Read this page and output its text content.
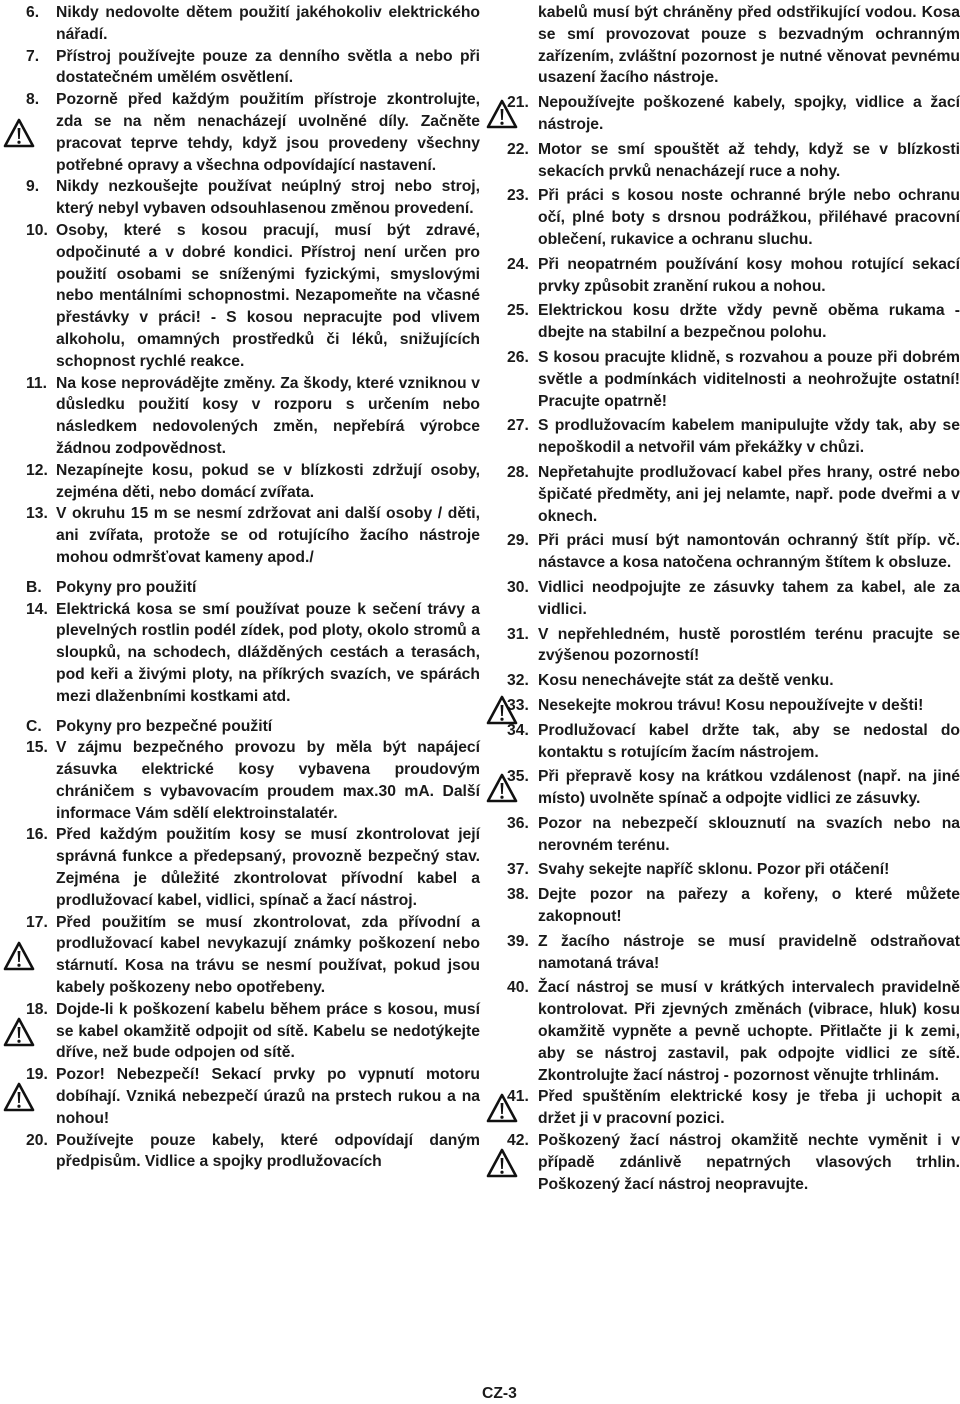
6. Nikdy nedovolte dětem použití jakéhokoliv elektrického nářadí.
7. Přístroj používejte pouze za denního světla a nebo při dostatečném umělém osvětlení.
8. Pozorně před každým použitím přístroje zkontrolujte, zda se na něm nenacházejí uvolněné díly. Začněte pracovat teprve tehdy, když jsou provedeny všechny potřebné opravy a všechna odpovídající nastavení.
9. Nikdy nezkoušejte používat neúplný stroj nebo stroj, který nebyl vybaven odsouhlasenou změnou provedení.
10. Osoby, které s kosou pracují, musí být zdravé, odpočinuté a v dobré kondici. Přístroj není určen pro použití osobami se sníženými fyzickými, smyslovými nebo mentálními schopnostmi. Nezapomeňte na včasné přestávky v práci! - S kosou nepracujte pod vlivem alkoholu, omamných prostředků či léků, snižujících schopnost rychlé reakce.
11. Na kose neprovádějte změny. Za škody, které vzniknou v důsledku použití kosy v rozporu s určením nebo následkem nedovolených změn, nepřebírá výrobce žádnou zodpovědnost.
12. Nezapínejte kosu, pokud se v blízkosti zdržují osoby, zejména děti, nebo domácí zvířata.
13. V okruhu 15 m se nesmí zdržovat ani další osoby / děti, ani zvířata, protože se od rotujícího žacího nástroje mohou odmršťovat kameny apod./
B. Pokyny pro použití
14. Elektrická kosa se smí používat pouze k sečení trávy a plevelných rostlin podél zídek, pod ploty, okolo stromů a sloupků, na schodech, dlážděných cestách a terasách, pod keři a živými ploty, na příkrých svazích, ve spárách mezi dlaženbními kostkami atd.
C. Pokyny pro bezpečné použití
15. V zájmu bezpečného provozu by měla být napájecí zásuvka elektrické kosy vybavena proudovým chráničem s vybavovacím proudem max.30 mA. Další informace Vám sdělí elektroinstalatér.
16. Před každým použitím kosy se musí zkontrolovat její správná funkce a předepsaný, provozně bezpečný stav. Zejména je důležité zkontrolovat přívodní kabel a prodlužovací kabel, vidlici, spínač a žací nástroj.
17. Před použitím se musí zkontrolovat, zda přívodní a prodlužovací kabel nevykazují známky poškození nebo stárnutí. Kosa na trávu se nesmí používat, pokud jsou kabely poškozeny nebo opotřebeny.
18. Dojde-li k poškození kabelu během práce s kosou, musí se kabel okamžitě odpojit od sítě. Kabelu se nedotýkejte dříve, než bude odpojen od sítě.
19. Pozor! Nebezpečí! Sekací prvky po vypnutí motoru dobíhají. Vzniká nebezpečí úrazů na prstech rukou a na nohou!
20. Používejte pouze kabely, které odpovídají daným předpisům. Vidlice a spojky prodlužovacích
kabelů musí být chráněny před odstřikující vodou. Kosa se smí provozovat pouze s bezvadným ochranným zařízením, zvláštní pozornost je nutné věnovat pevnému usazení žacího nástroje.
21. Nepoužívejte poškozené kabely, spojky, vidlice a žací nástroje.
22. Motor se smí spouštět až tehdy, když se v blízkosti sekacích prvků nenacházejí ruce a nohy.
23. Při práci s kosou noste ochranné brýle nebo ochranu očí, plné boty s drsnou podrážkou, přiléhavé pracovní oblečení, rukavice a ochranu sluchu.
24. Při neopatrném používání kosy mohou rotující sekací prvky způsobit zranění rukou a nohou.
25. Elektrickou kosu držte vždy pevně oběma rukama - dbejte na stabilní a bezpečnou polohu.
26. S kosou pracujte klidně, s rozvahou a pouze při dobrém světle a podmínkách viditelnosti a neohrožujte ostatní! Pracujte opatrně!
27. S prodlužovacím kabelem manipulujte vždy tak, aby se nepoškodil a netvořil vám překážky v chůzi.
28. Nepřetahujte prodlužovací kabel přes hrany, ostré nebo špičaté předměty, ani jej nelamte, např. pode dveřmi a v oknech.
29. Při práci musí být namontován ochranný štít příp. vč. nástavce a kosa natočena ochranným štítem k obsluze.
30. Vidlici neodpojujte ze zásuvky tahem za kabel, ale za vidlici.
31. V nepřehledném, hustě porostlém terénu pracujte se zvýšenou pozorností!
32. Kosu nenechávejte stát za deště venku.
33. Nesekejte mokrou trávu! Kosu nepoužívejte v dešti!
34. Prodlužovací kabel držte tak, aby se nedostal do kontaktu s rotujícím žacím nástrojem.
35. Při přepravě kosy na krátkou vzdálenost (např. na jiné místo) uvolněte spínač a odpojte vidlici ze zásuvky.
36. Pozor na nebezpečí sklouznutí na svazích nebo na nerovném terénu.
37. Svahy sekejte napříč sklonu. Pozor při otáčení!
38. Dejte pozor na pařezy a kořeny, o které můžete zakopnout!
39. Z žacího nástroje se musí pravidelně odstraňovat namotaná tráva!
40. Žací nástroj se musí v krátkých intervalech pravidelně kontrolovat. Při zjevných změnách (vibrace, hluk) kosu okamžitě vypněte a pevně uchopte. Přitlačte ji k zemi, aby se nástroj zastavil, pak odpojte vidlici ze sítě. Zkontrolujte žací nástroj - pozornost věnujte trhlinám.
41. Před spuštěním elektrické kosy je třeba ji uchopit a držet ji v pracovní pozici.
42. Poškozený žací nástroj okamžitě nechte vyměnit i v případě zdánlivě nepatrných vlasových trhlin. Poškozený žací nástroj neopravujte.
CZ-3
